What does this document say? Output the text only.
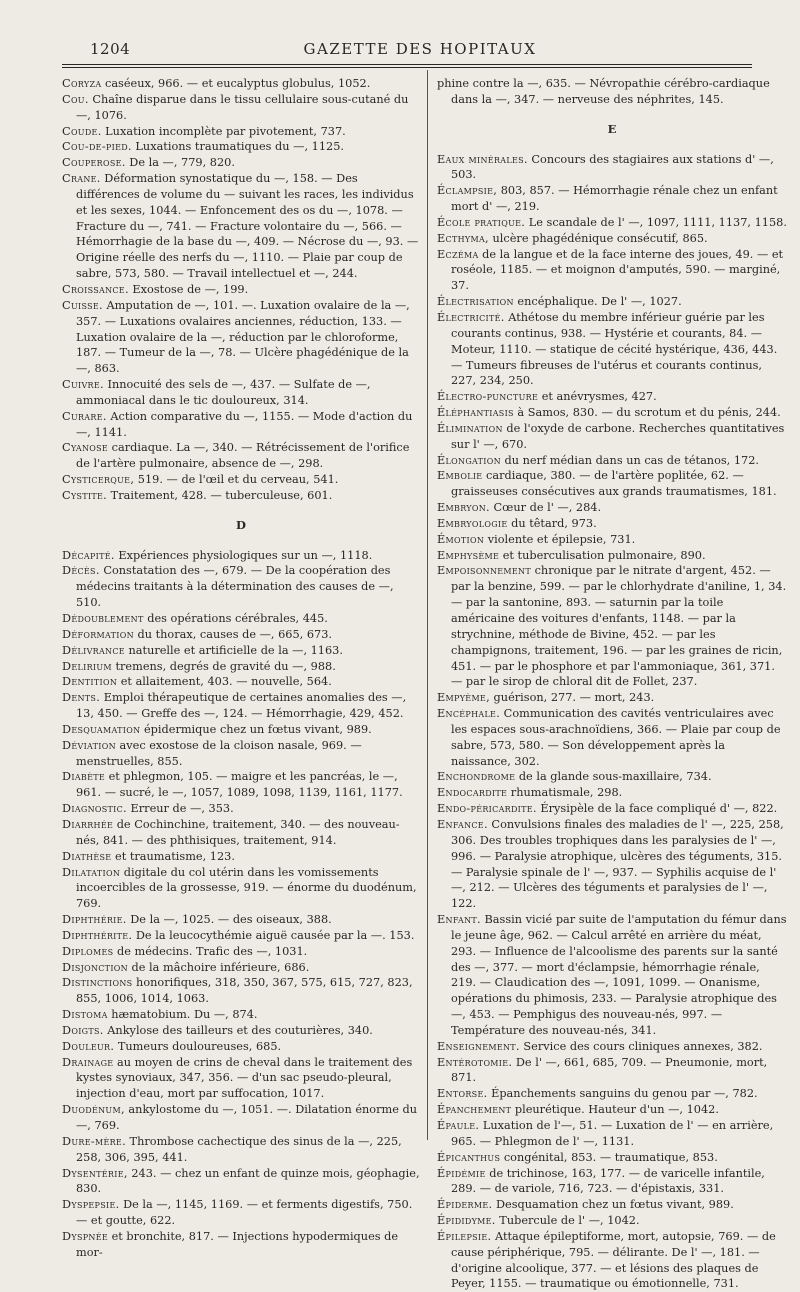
1204	GAZETTE DES HOPITAUX

Coryza caséeux, 966. — et eucalyptus globulus, 1052.

Cou. Chaîne disparue dans le tissu cellulaire sous-cutané du —, 1076.

Coude. Luxation incomplète par pivotement, 737.

Cou-de-pied. Luxations traumatiques du —, 1125.

Couperose. De la —, 779, 820.

Crane. Déformation synostatique du —, 158. — Des différences de volume du — suivant les races, les individus et les sexes, 1044. — Enfoncement des os du —, 1078. — Fracture du —, 741. — Fracture volontaire du —, 566. — Hémorrhagie de la base du —, 409. — Nécrose du —, 93. — Origine réelle des nerfs du —, 1110. — Plaie par coup de sabre, 573, 580. — Travail intellectuel et —, 244.

Croissance. Exostose de —, 199.

Cuisse. Amputation de —, 101. —. Luxation ovalaire de la —, 357. — Luxations ovalaires anciennes, réduction, 133. — Luxation ovalaire de la —, réduction par le chloroforme, 187. — Tumeur de la —, 78. — Ulcère phagédénique de la —, 863.

Cuivre. Innocuité des sels de —, 437. — Sulfate de —, ammoniacal dans le tic douloureux, 314.

Curare. Action comparative du —, 1155. — Mode d'action du —, 1141.

Cyanose cardiaque. La —, 340. — Rétrécissement de l'orifice de l'artère pulmonaire, absence de —, 298.

Cysticerque, 519. — de l'œil et du cerveau, 541.

Cystite. Traitement, 428. — tuberculeuse, 601.

D

Décapité. Expériences physiologiques sur un —, 1118.

Décès. Constatation des —, 679. — De la coopération des médecins traitants à la détermination des causes de —, 510.

Dédoublement des opérations cérébrales, 445.

Déformation du thorax, causes de —, 665, 673.

Délivrance naturelle et artificielle de la —, 1163.

Delirium tremens, degrés de gravité du —, 988.

Dentition et allaitement, 403. — nouvelle, 564.

Dents. Emploi thérapeutique de certaines anomalies des —, 13, 450. — Greffe des —, 124. — Hémorrhagie, 429, 452.

Desquamation épidermique chez un fœtus vivant, 989.

Déviation avec exostose de la cloison nasale, 969. — menstruelles, 855.

Diabète et phlegmon, 105. — maigre et les pancréas, le —, 961. — sucré, le —, 1057, 1089, 1098, 1139, 1161, 1177.

Diagnostic. Erreur de —, 353.

Diarrhée de Cochinchine, traitement, 340. — des nouveau-nés, 841. — des phthisiques, traitement, 914.

Diathèse et traumatisme, 123.

Dilatation digitale du col utérin dans les vomissements incoercibles de la grossesse, 919. — énorme du duodénum, 769.

Diphthérie. De la —, 1025. — des oiseaux, 388.

Diphthérite. De la leucocythémie aiguë causée par la —. 153.

Diplomes de médecins. Trafic des —, 1031.

Disjonction de la mâchoire inférieure, 686.

Distinctions honorifiques, 318, 350, 367, 575, 615, 727, 823, 855, 1006, 1014, 1063.

Distoma hæmatobium. Du —, 874.

Doigts. Ankylose des tailleurs et des couturières, 340.

Douleur. Tumeurs douloureuses, 685.

Drainage au moyen de crins de cheval dans le traitement des kystes synoviaux, 347, 356. — d'un sac pseudo-pleural, injection d'eau, mort par suffocation, 1017.

Duodénum, ankylostome du —, 1051. —. Dilatation énorme du —, 769.

Dure-mère. Thrombose cachectique des sinus de la —, 225, 258, 306, 395, 441.

Dysentérie, 243. — chez un enfant de quinze mois, géophagie, 830.

Dyspepsie. De la —, 1145, 1169. — et ferments digestifs, 750. — et goutte, 622.

Dyspnée et bronchite, 817. — Injections hypodermiques de mor-

phine contre la —, 635. — Névropathie cérébro-cardiaque dans la —, 347. — nerveuse des néphrites, 145.

E

Eaux minérales. Concours des stagiaires aux stations d' —, 503.

Éclampsie, 803, 857. — Hémorrhagie rénale chez un enfant mort d' —, 219.

École pratique. Le scandale de l' —, 1097, 1111, 1137, 1158.

Ecthyma, ulcère phagédénique consécutif, 865.

Eczéma de la langue et de la face interne des joues, 49. — et roséole, 1185. — et moignon d'amputés, 590. — marginé, 37.

Électrisation encéphalique. De l' —, 1027.

Électricité. Athétose du membre inférieur guérie par les courants continus, 938. — Hystérie et courants, 84. — Moteur, 1110. — statique de cécité hystérique, 436, 443. — Tumeurs fibreuses de l'utérus et courants continus, 227, 234, 250.

Électro-puncture et anévrysmes, 427.

Éléphantiasis à Samos, 830. — du scrotum et du pénis, 244.

Élimination de l'oxyde de carbone. Recherches quantitatives sur l' —, 670.

Élongation du nerf médian dans un cas de tétanos, 172.

Embolie cardiaque, 380. — de l'artère poplitée, 62. — graisseuses consécutives aux grands traumatismes, 181.

Embryon. Cœur de l' —, 284.

Embryologie du têtard, 973.

Émotion violente et épilepsie, 731.

Emphysème et tuberculisation pulmonaire, 890.

Empoisonnement chronique par le nitrate d'argent, 452. — par la benzine, 599. — par le chlorhydrate d'aniline, 1, 34. — par la santonine, 893. — saturnin par la toile américaine des voitures d'enfants, 1148. — par la strychnine, méthode de Bivine, 452. — par les champignons, traitement, 196. — par les graines de ricin, 451. — par le phosphore et par l'ammoniaque, 361, 371. — par le sirop de chloral dit de Follet, 237.

Empyème, guérison, 277. — mort, 243.

Encéphale. Communication des cavités ventriculaires avec les espaces sous-arachnoïdiens, 366. — Plaie par coup de sabre, 573, 580. — Son développement après la naissance, 302.

Enchondrome de la glande sous-maxillaire, 734.

Endocardite rhumatismale, 298.

Endo-péricardite. Érysipèle de la face compliqué d' —, 822.

Enfance. Convulsions finales des maladies de l' —, 225, 258, 306. Des troubles trophiques dans les paralysies de l' —, 996. — Paralysie atrophique, ulcères des téguments, 315. — Paralysie spinale de l' —, 937. — Syphilis acquise de l' —, 212. — Ulcères des téguments et paralysies de l' —, 122.

Enfant. Bassin vicié par suite de l'amputation du fémur dans le jeune âge, 962. — Calcul arrêté en arrière du méat, 293. — Influence de l'alcoolisme des parents sur la santé des —, 377. — mort d'éclampsie, hémorrhagie rénale, 219. — Claudication des —, 1091, 1099. — Onanisme, opérations du phimosis, 233. — Paralysie atrophique des —, 453. — Pemphigus des nouveau-nés, 997. — Température des nouveau-nés, 341.

Enseignement. Service des cours cliniques annexes, 382.

Entérotomie. De l' —, 661, 685, 709. — Pneumonie, mort, 871.

Entorse. Épanchements sanguins du genou par —, 782.

Épanchement pleurétique. Hauteur d'un —, 1042.

Épaule. Luxation de l'—, 51. — Luxation de l' — en arrière, 965. — Phlegmon de l' —, 1131.

Épicanthus congénital, 853. — traumatique, 853.

Épidémie de trichinose, 163, 177. — de varicelle infantile, 289. — de variole, 716, 723. — d'épistaxis, 331.

Épiderme. Desquamation chez un fœtus vivant, 989.

Épididyme. Tubercule de l' —, 1042.

Épilepsie. Attaque épileptiforme, mort, autopsie, 769. — de cause périphérique, 795. — délirante. De l' —, 181. — d'origine alcoolique, 377. — et lésions des plaques de Peyer, 1155. — traumatique ou émotionnelle, 731.
